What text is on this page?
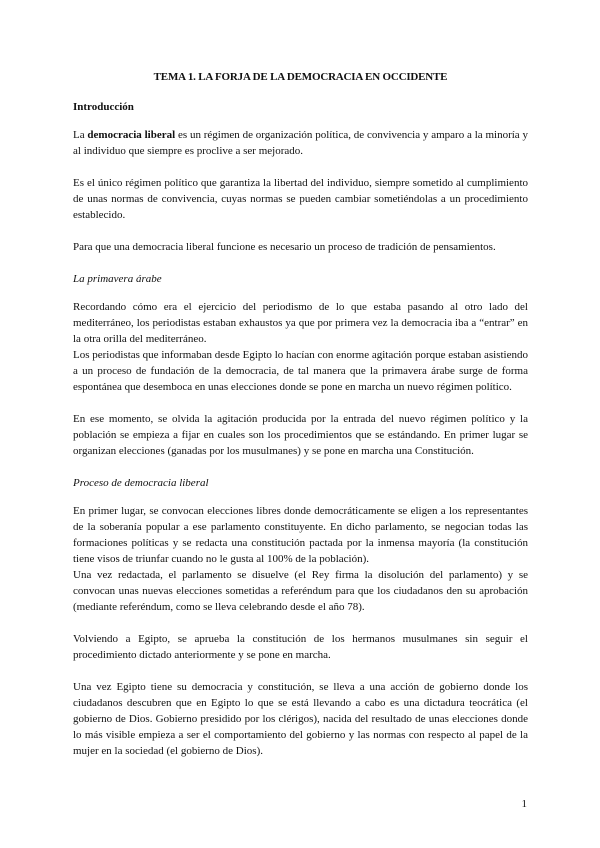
TEMA 1. LA FORJA DE LA DEMOCRACIA EN OCCIDENTE
Introducción

La democracia liberal es un régimen de organización política, de convivencia y amparo a la minoría y al individuo que siempre es proclive a ser mejorado.

Es el único régimen político que garantiza la libertad del individuo, siempre sometido al cumplimiento de unas normas de convivencia, cuyas normas se pueden cambiar sometiéndolas a un procedimiento establecido.

Para que una democracia liberal funcione es necesario un proceso de tradición de pensamientos.

La primavera árabe

Recordando cómo era el ejercicio del periodismo de lo que estaba pasando al otro lado del mediterráneo, los periodistas estaban exhaustos ya que por primera vez la democracia iba a “entrar” en la otra orilla del mediterráneo.

Los periodistas que informaban desde Egipto lo hacían con enorme agitación porque estaban asistiendo a un proceso de fundación de la democracia, de tal manera que la primavera árabe surge de forma espontánea que desemboca en unas elecciones donde se pone en marcha un nuevo régimen político.

En ese momento, se olvida la agitación producida por la entrada del nuevo régimen político y la población se empieza a fijar en cuales son los procedimientos que se estándando. En primer lugar se organizan elecciones (ganadas por los musulmanes) y se pone en marcha una Constitución.

Proceso de democracia liberal

En primer lugar, se convocan elecciones libres donde democráticamente se eligen a los representantes de la soberanía popular a ese parlamento constituyente. En dicho parlamento, se negocian todas las formaciones políticas y se redacta una constitución pactada por la inmensa mayoría (la constitución tiene visos de triunfar cuando no le gusta al 100% de la población).

Una vez redactada, el parlamento se disuelve (el Rey firma la disolución del parlamento) y se convocan unas nuevas elecciones sometidas a referéndum para que los ciudadanos den su aprobación (mediante referéndum, como se lleva celebrando desde el año 78).

Volviendo a Egipto, se aprueba la constitución de los hermanos musulmanes sin seguir el procedimiento dictado anteriormente y se pone en marcha.

Una vez Egipto tiene su democracia y constitución, se lleva a una acción de gobierno donde los ciudadanos descubren que en Egipto lo que se está llevando a cabo es una dictadura teocrática (el gobierno de Dios. Gobierno presidido por los clérigos), nacida del resultado de unas elecciones donde lo más visible empieza a ser el comportamiento del gobierno y las normas con respecto al papel de la mujer en la sociedad (el gobierno de Dios).

1
